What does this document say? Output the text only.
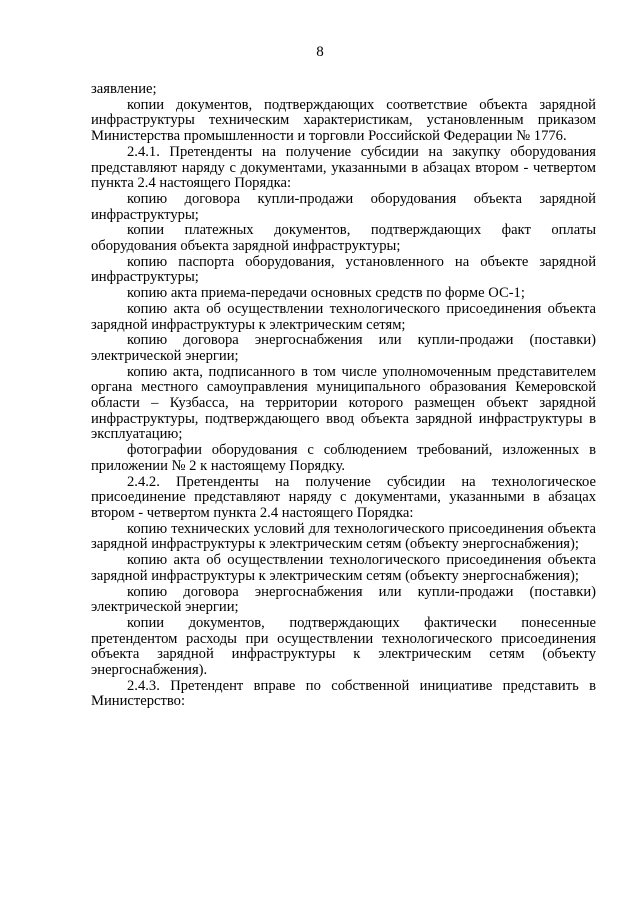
8

заявление;

копии документов, подтверждающих соответствие объекта зарядной инфраструктуры техническим характеристикам, установленным приказом Министерства промышленности и торговли Российской Федерации № 1776.

2.4.1. Претенденты на получение субсидии на закупку оборудования представляют наряду с документами, указанными в абзацах втором - четвертом пункта 2.4 настоящего Порядка:

копию договора купли-продажи оборудования объекта зарядной инфраструктуры;

копии платежных документов, подтверждающих факт оплаты оборудования объекта зарядной инфраструктуры;

копию паспорта оборудования, установленного на объекте зарядной инфраструктуры;

копию акта приема-передачи основных средств по форме ОС-1;

копию акта об осуществлении технологического присоединения объекта зарядной инфраструктуры к электрическим сетям;

копию договора энергоснабжения или купли-продажи (поставки) электрической энергии;

копию акта, подписанного в том числе уполномоченным представителем органа местного самоуправления муниципального образования Кемеровской области – Кузбасса, на территории которого размещен объект зарядной инфраструктуры, подтверждающего ввод объекта зарядной инфраструктуры в эксплуатацию;

фотографии оборудования с соблюдением требований, изложенных в приложении № 2 к настоящему Порядку.

2.4.2. Претенденты на получение субсидии на технологическое присоединение представляют наряду с документами, указанными в абзацах втором - четвертом пункта 2.4 настоящего Порядка:

копию технических условий для технологического присоединения объекта зарядной инфраструктуры к электрическим сетям (объекту энергоснабжения);

копию акта об осуществлении технологического присоединения объекта зарядной инфраструктуры к электрическим сетям (объекту энергоснабжения);

копию договора энергоснабжения или купли-продажи (поставки) электрической энергии;

копии документов, подтверждающих фактически понесенные претендентом расходы при осуществлении технологического присоединения объекта зарядной инфраструктуры к электрическим сетям (объекту энергоснабжения).

2.4.3. Претендент вправе по собственной инициативе представить в Министерство:
